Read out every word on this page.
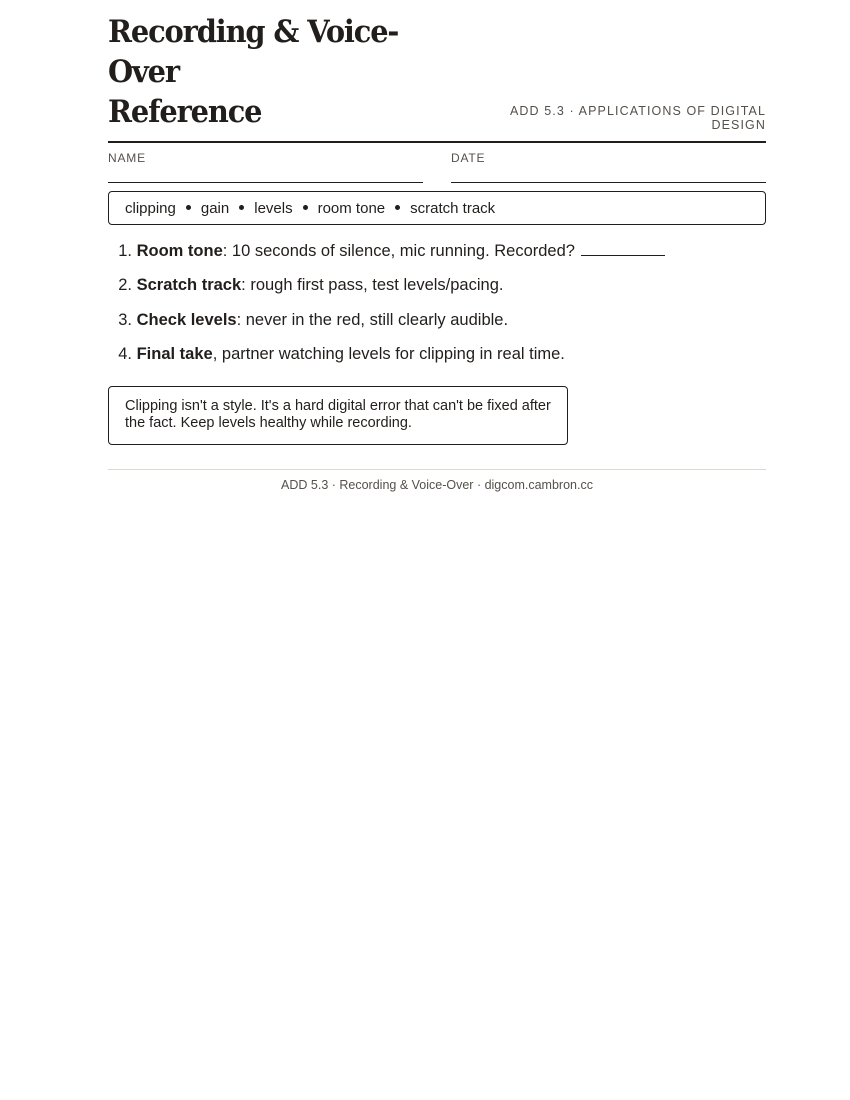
Recording & Voice-Over
Reference	ADD 5.3 · APPLICATIONS OF DIGITAL DESIGN
NAME	DATE
clipping gain levels room tone scratch track
1. Room tone: 10 seconds of silence, mic running. Recorded?
2. Scratch track: rough first pass, test levels/pacing.
3. Check levels: never in the red, still clearly audible.
4. Final take, partner watching levels for clipping in real time.
Clipping isn't a style. It's a hard digital error that can't be fixed after the fact. Keep levels healthy while recording.
ADD 5.3 · Recording & Voice-Over · digcom.cambron.cc
